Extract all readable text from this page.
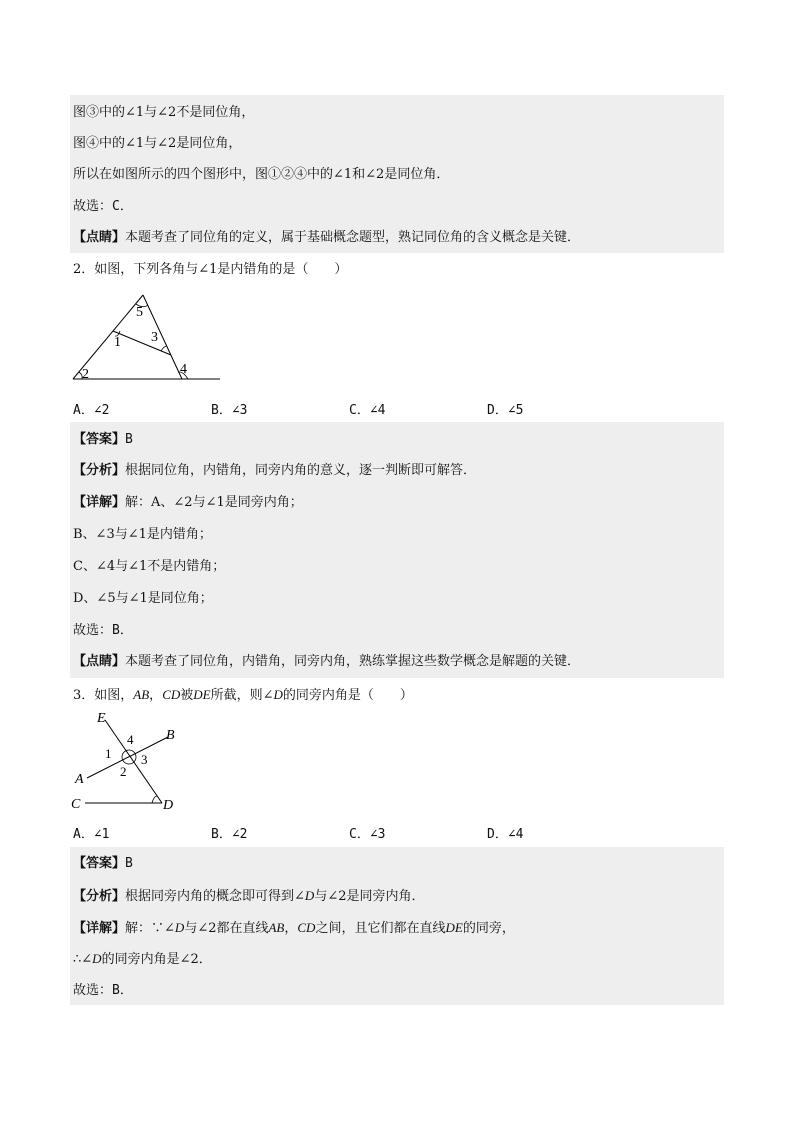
图③中的∠1与∠2不是同位角，
图④中的∠1与∠2是同位角，
所以在如图所示的四个图形中，图①②④中的∠1和∠2是同位角．
故选：C．
【点睛】本题考查了同位角的定义，属于基础概念题型，熟记同位角的含义概念是关键．
2．如图，下列各角与∠1是内错角的是（　　）
5
1 3
2	4
A．∠2	B．∠3	C．∠4	D．∠5
【答案】B
【分析】根据同位角，内错角，同旁内角的意义，逐一判断即可解答．
【详解】解：A、∠2与∠1是同旁内角；
B、∠3与∠1是内错角；
C、∠4与∠1不是内错角；
D、∠5与∠1是同位角；
故选：B．
【点睛】本题考查了同位角，内错角，同旁内角，熟练掌握这些数学概念是解题的关键．
3．如图，AB，CD被DE所截，则∠D的同旁内角是（　　）
E
B
4
1 3
2
A
C	D
A．∠1	B．∠2	C．∠3	D．∠4
【答案】B
【分析】根据同旁内角的概念即可得到∠D与∠2是同旁内角．
【详解】解：∵∠D与∠2都在直线AB，CD之间，且它们都在直线DE的同旁，
∴∠D的同旁内角是∠2．
故选：B．
